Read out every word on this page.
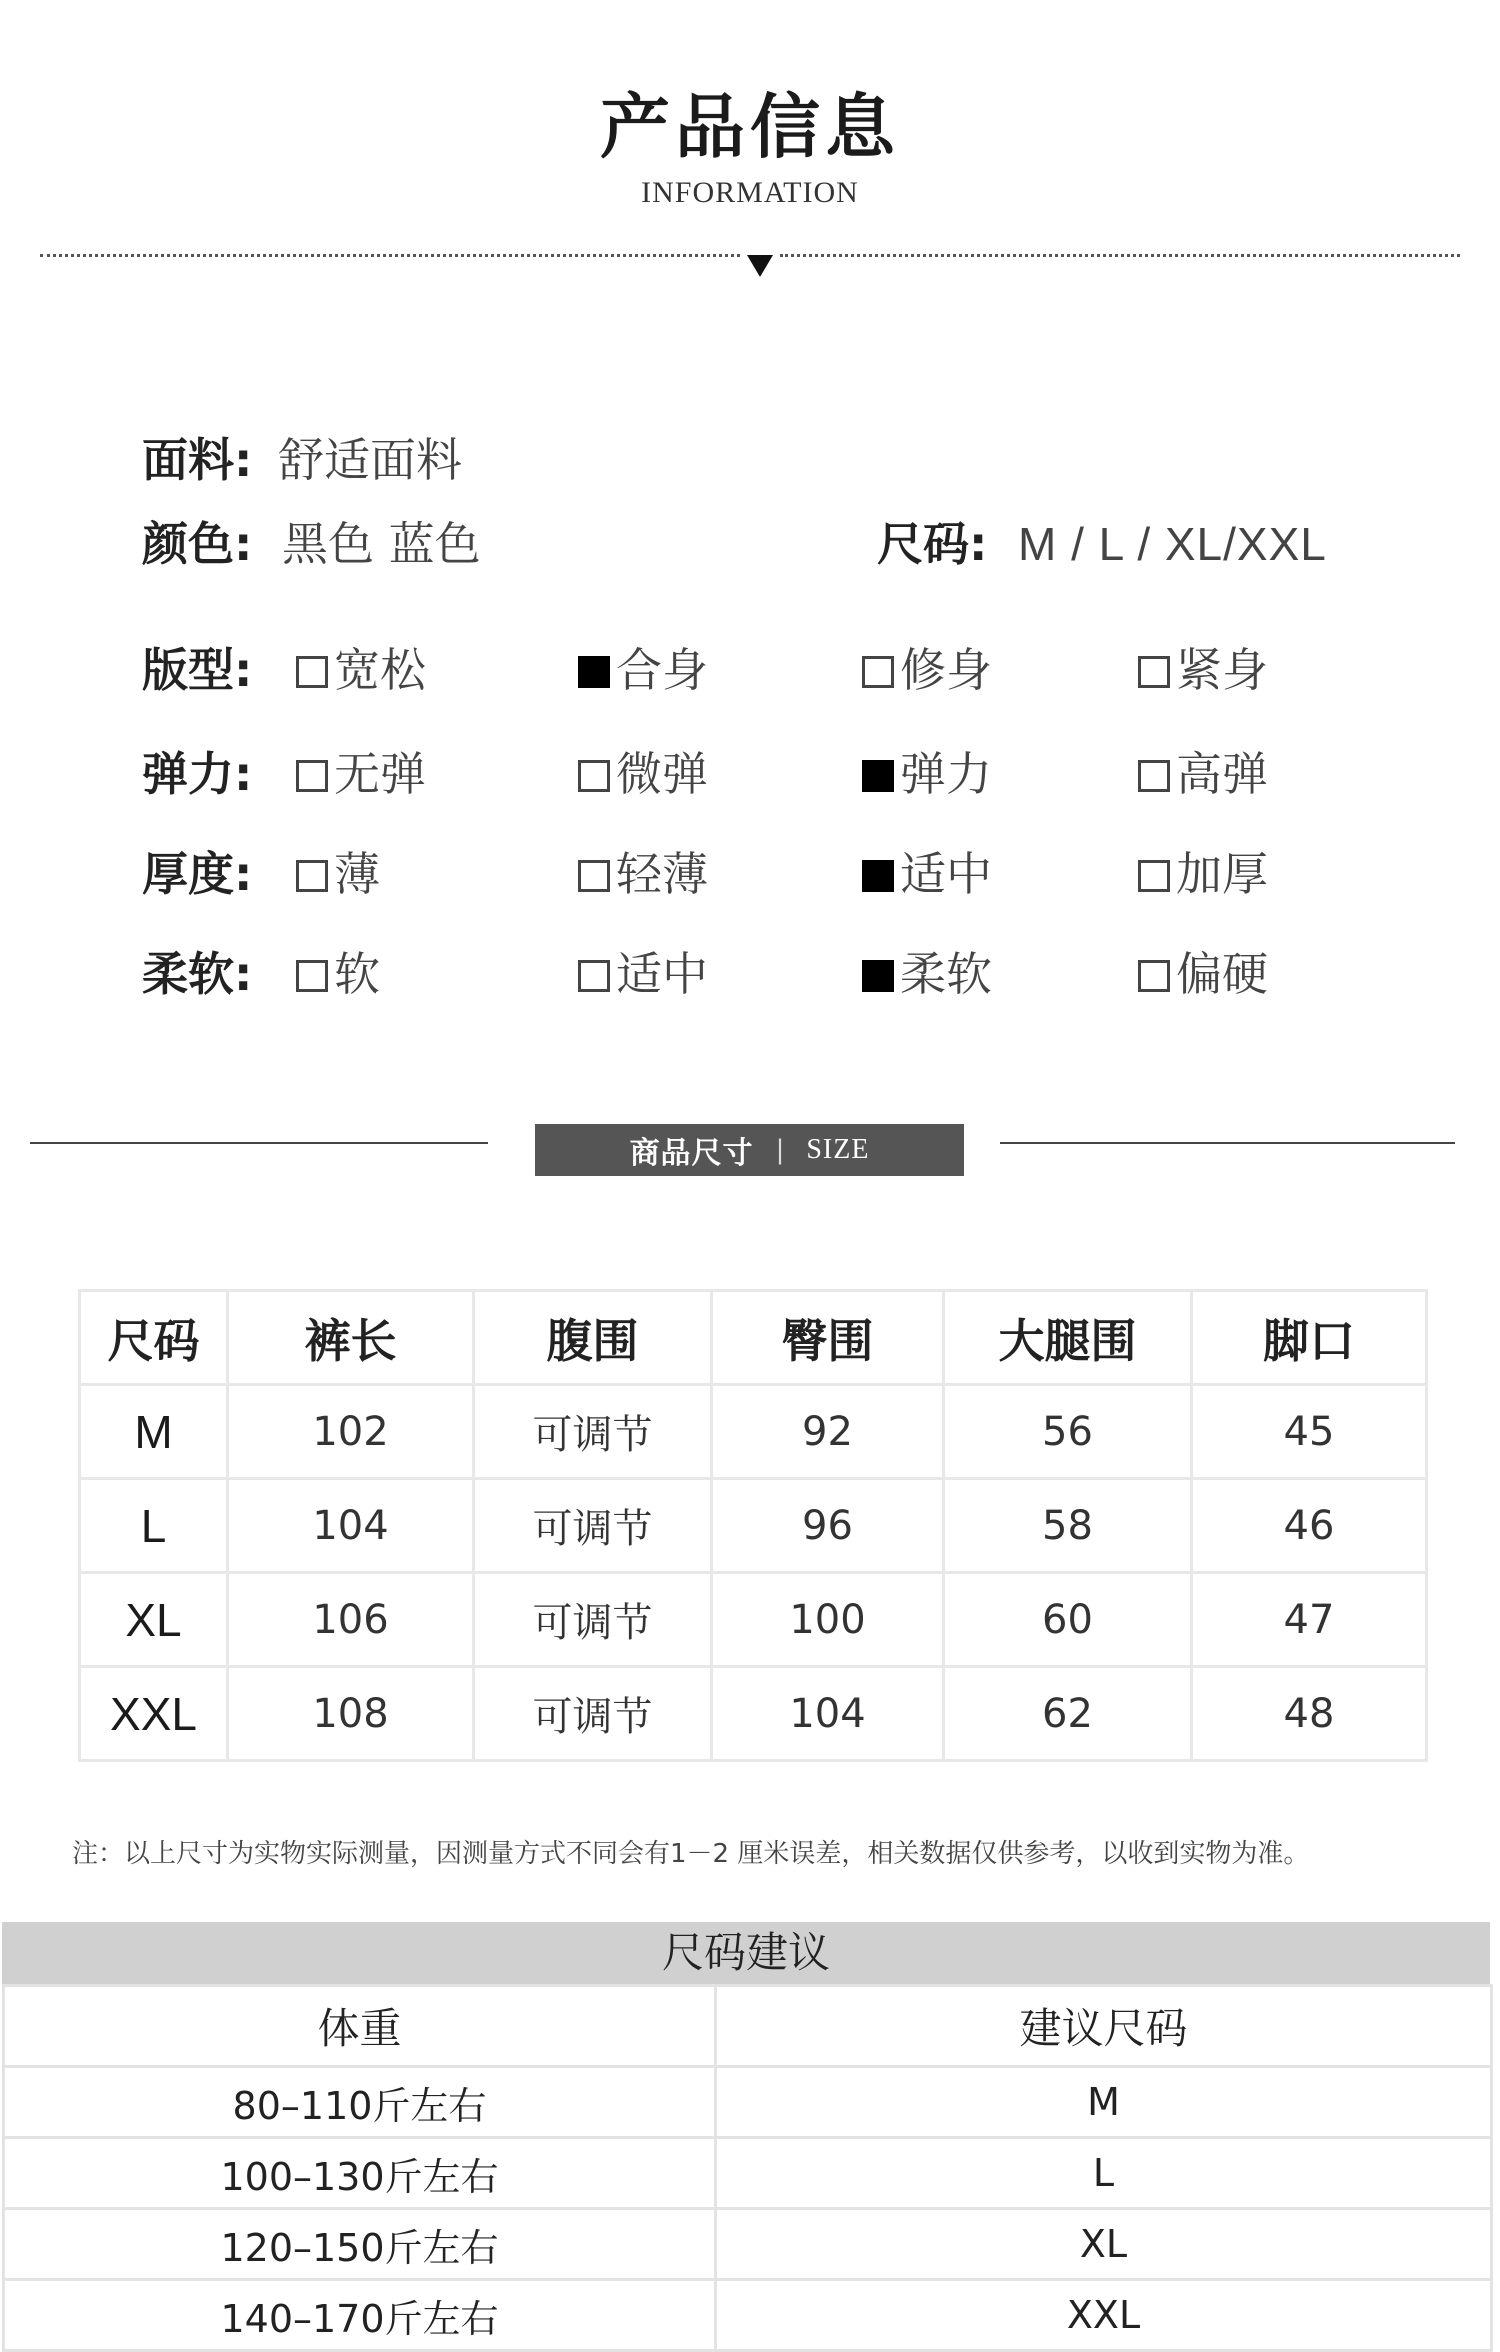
产品信息
INFORMATION
面料: 舒适面料
颜色: 黑色 蓝色	尺码: M / L / XL/XXL
版型:	宽松	合身	修身	紧身
弹力:	无弹	微弹	弹力	高弹
厚度:	薄	轻薄	适中	加厚
柔软:	软	适中	柔软	偏硬
商品尺寸 | SIZE
尺码	裤长	腹围	臀围	大腿围	脚口
M	102	可调节	92	56	45
L	104	可调节	96	58	46
XL	106	可调节	100	60	47
XXL	108	可调节	104	62	48
注：以上尺寸为实物实际测量，因测量方式不同会有1－2 厘米误差，相关数据仅供参考，以收到实物为准。
尺码建议
体重	建议尺码
80–110斤左右	M
100–130斤左右	L
120–150斤左右	XL
140–170斤左右	XXL
